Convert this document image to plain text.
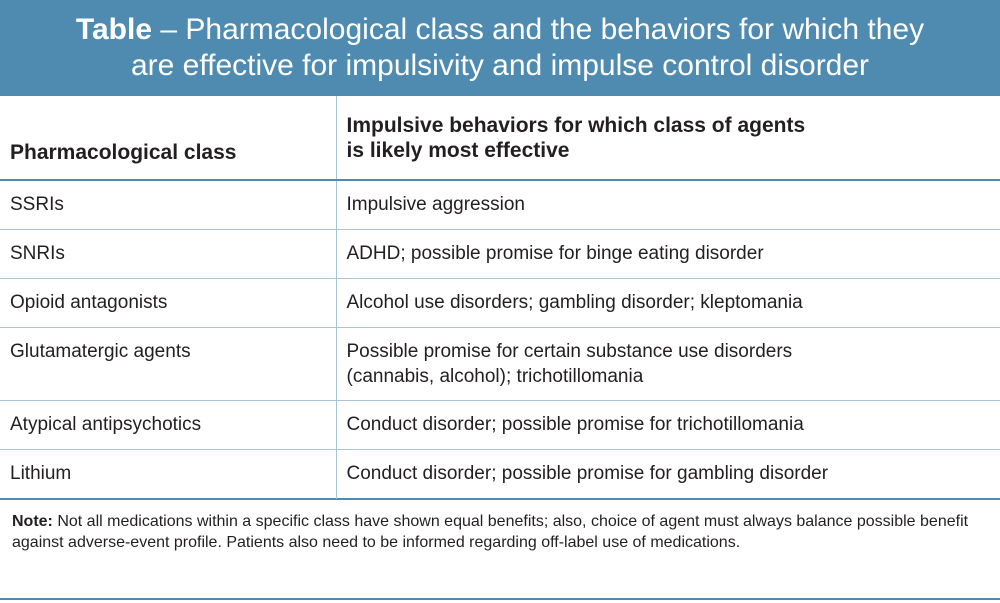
Table – Pharmacological class and the behaviors for which they
are effective for impulsivity and impulse control disorder
Pharmacological class	Impulsive behaviors for which class of agents
is likely most effective

SSRIs	Impulsive aggression
SNRIs	ADHD; possible promise for binge eating disorder
Opioid antagonists	Alcohol use disorders; gambling disorder; kleptomania
Glutamatergic agents	Possible promise for certain substance use disorders
(cannabis, alcohol); trichotillomania

Atypical antipsychotics	Conduct disorder; possible promise for trichotillomania
Lithium	Conduct disorder; possible promise for gambling disorder
Note: Not all medications within a specific class have shown equal benefits; also, choice of agent must always balance possible benefit against adverse-event profile. Patients also need to be informed regarding off-label use of medications.
